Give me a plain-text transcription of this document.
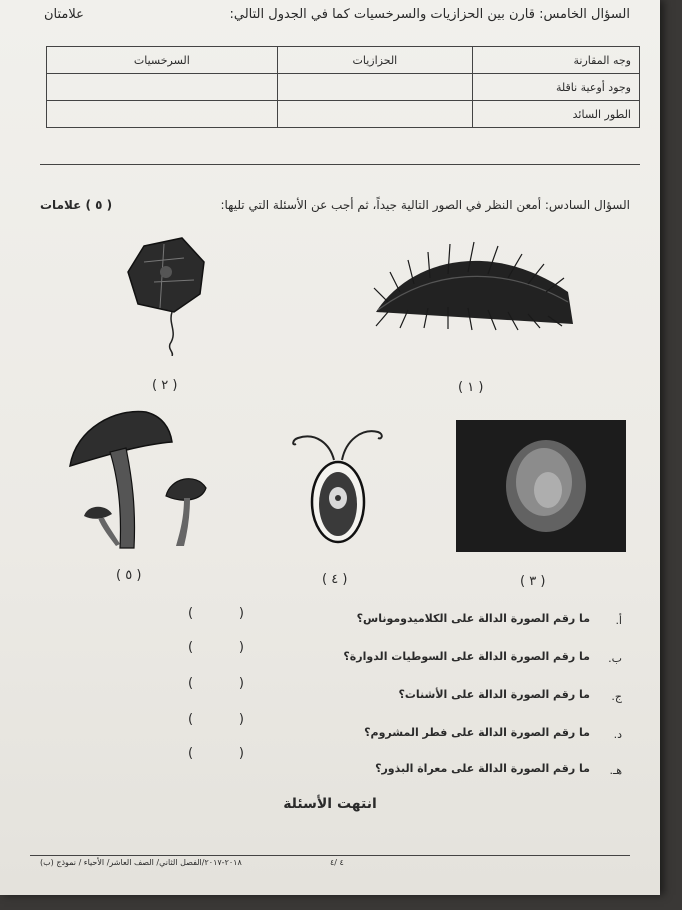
السؤال الخامس: قارن بين الحزازيات والسرخسيات كما في الجدول التالي:
علامتان
وجه المقارنة	الحزازيات	السرخسيات
وجود أوعية ناقلة		
الطور السائد		
السؤال السادس: أمعن النظر في الصور التالية جيداً، ثم أجب عن الأسئلة التي تليها:
( ٥ ) علامات
( ١ )
( ٢ )
( ٣ )
( ٤ )
( ٥ )
أ.
ما رقم الصورة الدالة على الكلاميدوموناس؟
(	)
ب.
ما رقم الصورة الدالة على السوطيات الدوارة؟
(	)
ج.
ما رقم الصورة الدالة على الأشنات؟
(	)
د.
ما رقم الصورة الدالة على فطر المشروم؟
(	)
هـ.
ما رقم الصورة الدالة على معراة البذور؟
(	)
انتهت الأسئلة
٢٠١٨-٢٠١٧/الفصل الثاني/ الصف العاشر/ الأحياء / نموذج (ب)	٤ /٤
